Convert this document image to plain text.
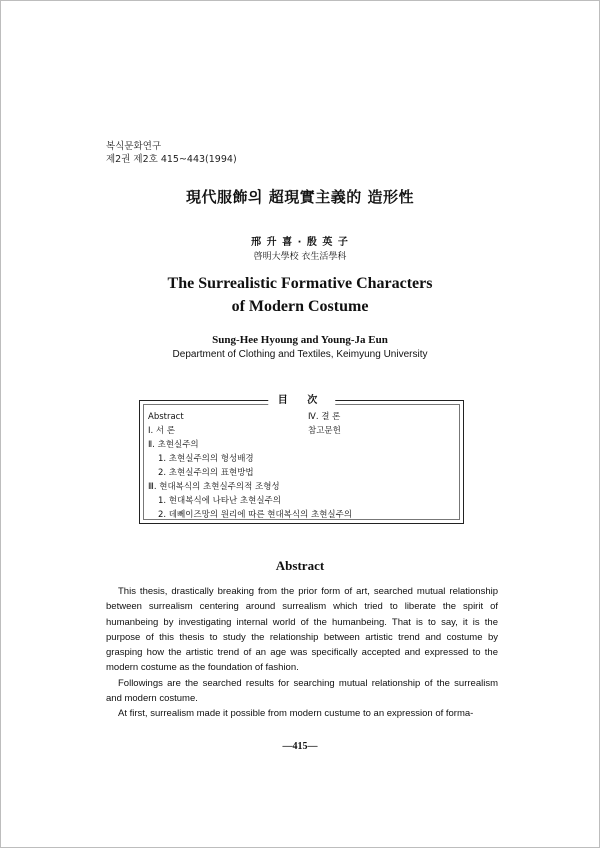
복식문화연구
제2권 제2호 415~443(1994)
現代服飾의 超現實主義的 造形性
邢 升 喜 · 殷 英 子
啓明大學校 衣生活學科
The Surrealistic Formative Characters
of Modern Costume
Sung-Hee Hyoung and Young-Ja Eun
Department of Clothing and Textiles, Keimyung University
目 次
Abstract
Ⅰ. 서 론
Ⅱ. 초현실주의
1. 초현실주의의 형성배경
2. 초현실주의의 표현방법
Ⅲ. 현대복식의 초현실주의적 조형성
1. 현대복식에 나타난 초현실주의
2. 데뻬이즈망의 원리에 따른 현대복식의 초현실주의
Ⅳ. 결 론
참고문헌
Abstract

This thesis, drastically breaking from the prior form of art, searched mutual relationship between surrealism centering around surrealism which tried to liberate the spirit of humanbeing by investigating internal world of the humanbeing. That is to say, it is the purpose of this thesis to study the relationship between artistic trend and costume by grasping how the artistic trend of an age was specifically accepted and expressed to the modern costume as the foundation of fashion.

Followings are the searched results for searching mutual relationship of the surrealism and modern costume.

At first, surrealism made it possible from modern custume to an expression of forma-

—415—
